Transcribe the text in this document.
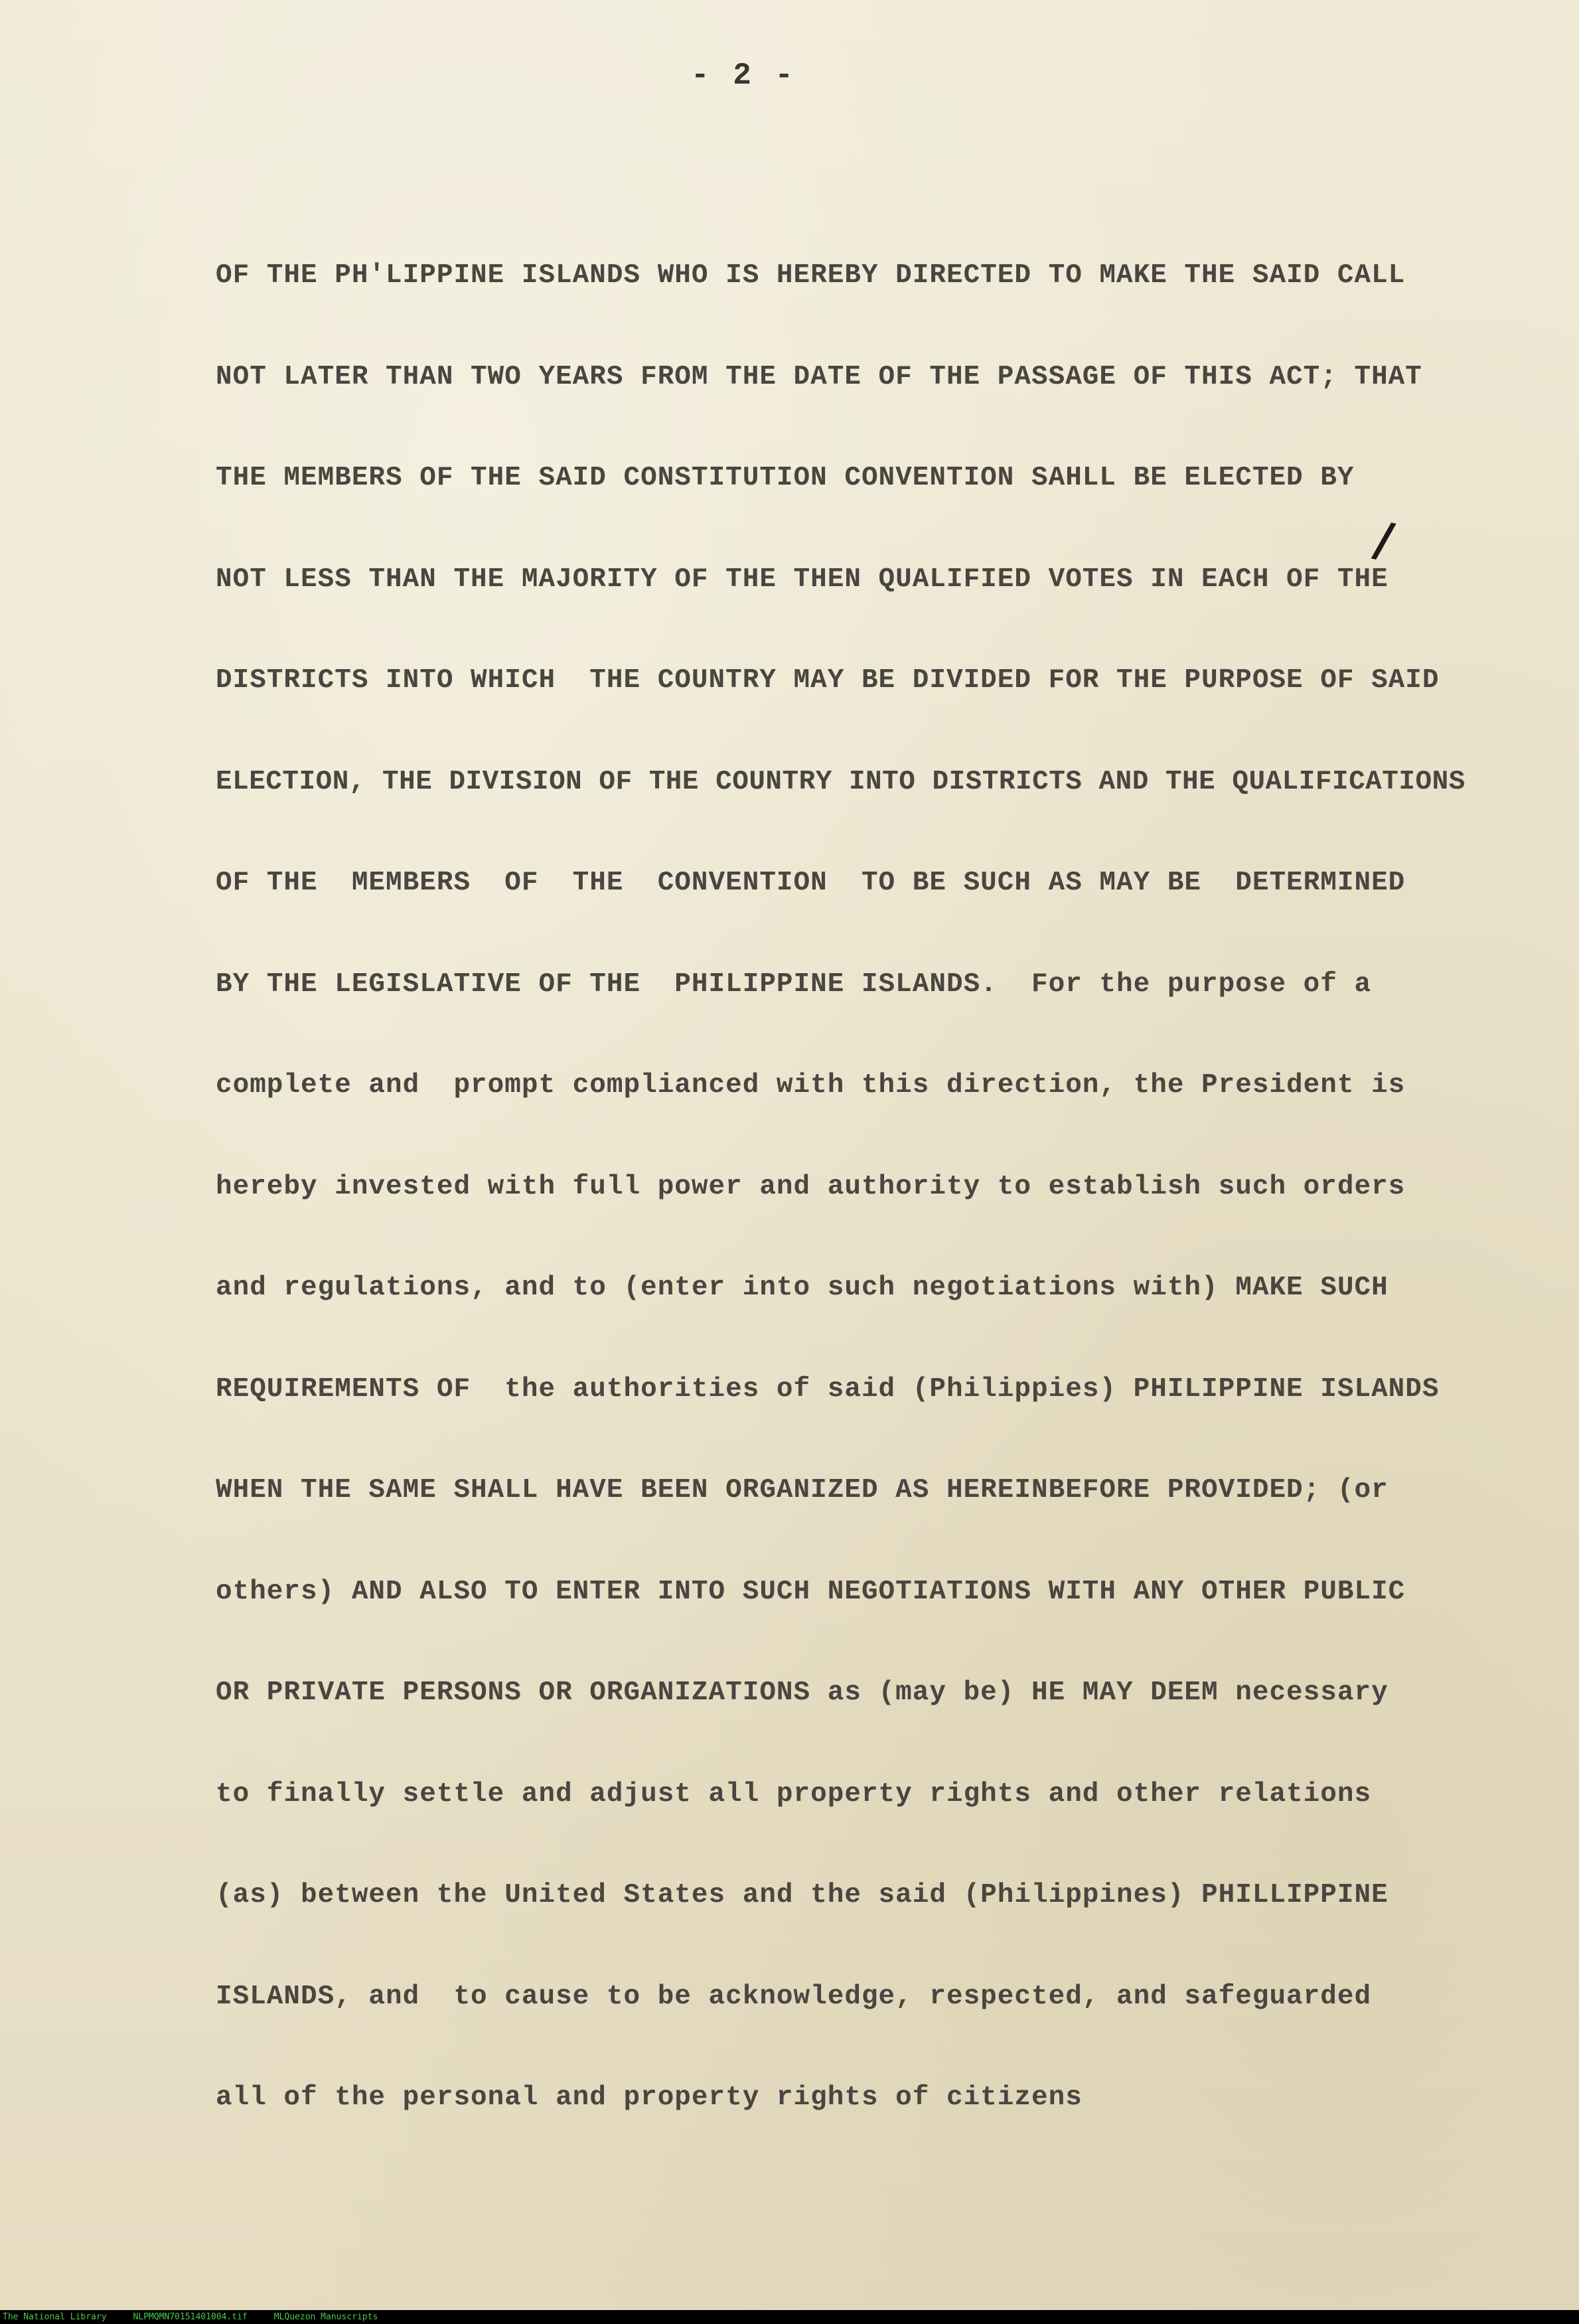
- 2 -
/
OF THE PH'LIPPINE ISLANDS WHO IS HEREBY DIRECTED TO MAKE THE SAID CALL
NOT LATER THAN TWO YEARS FROM THE DATE OF THE PASSAGE OF THIS ACT; THAT
THE MEMBERS OF THE SAID CONSTITUTION CONVENTION SAHLL BE ELECTED BY
NOT LESS THAN THE MAJORITY OF THE THEN QUALIFIED VOTES IN EACH OF THE
DISTRICTS INTO WHICH  THE COUNTRY MAY BE DIVIDED FOR THE PURPOSE OF SAID
ELECTION, THE DIVISION OF THE COUNTRY INTO DISTRICTS AND THE QUALIFICATIONS
OF THE  MEMBERS  OF  THE  CONVENTION  TO BE SUCH AS MAY BE  DETERMINED
BY THE LEGISLATIVE OF THE  PHILIPPINE ISLANDS.  For the purpose of a
complete and  prompt complianced with this direction, the President is
hereby invested with full power and authority to establish such orders
and regulations, and to (enter into such negotiations with) MAKE SUCH
REQUIREMENTS OF  the authorities of said (Philippies) PHILIPPINE ISLANDS
WHEN THE SAME SHALL HAVE BEEN ORGANIZED AS HEREINBEFORE PROVIDED; (or
others) AND ALSO TO ENTER INTO SUCH NEGOTIATIONS WITH ANY OTHER PUBLIC
OR PRIVATE PERSONS OR ORGANIZATIONS as (may be) HE MAY DEEM necessary
to finally settle and adjust all property rights and other relations
(as) between the United States and the said (Philippines) PHILLIPPINE
ISLANDS, and  to cause to be acknowledge, respected, and safeguarded
all of the personal and property rights of citizens
The National Library	NLPMQMN70151401004.tif	MLQuezon Manuscripts
